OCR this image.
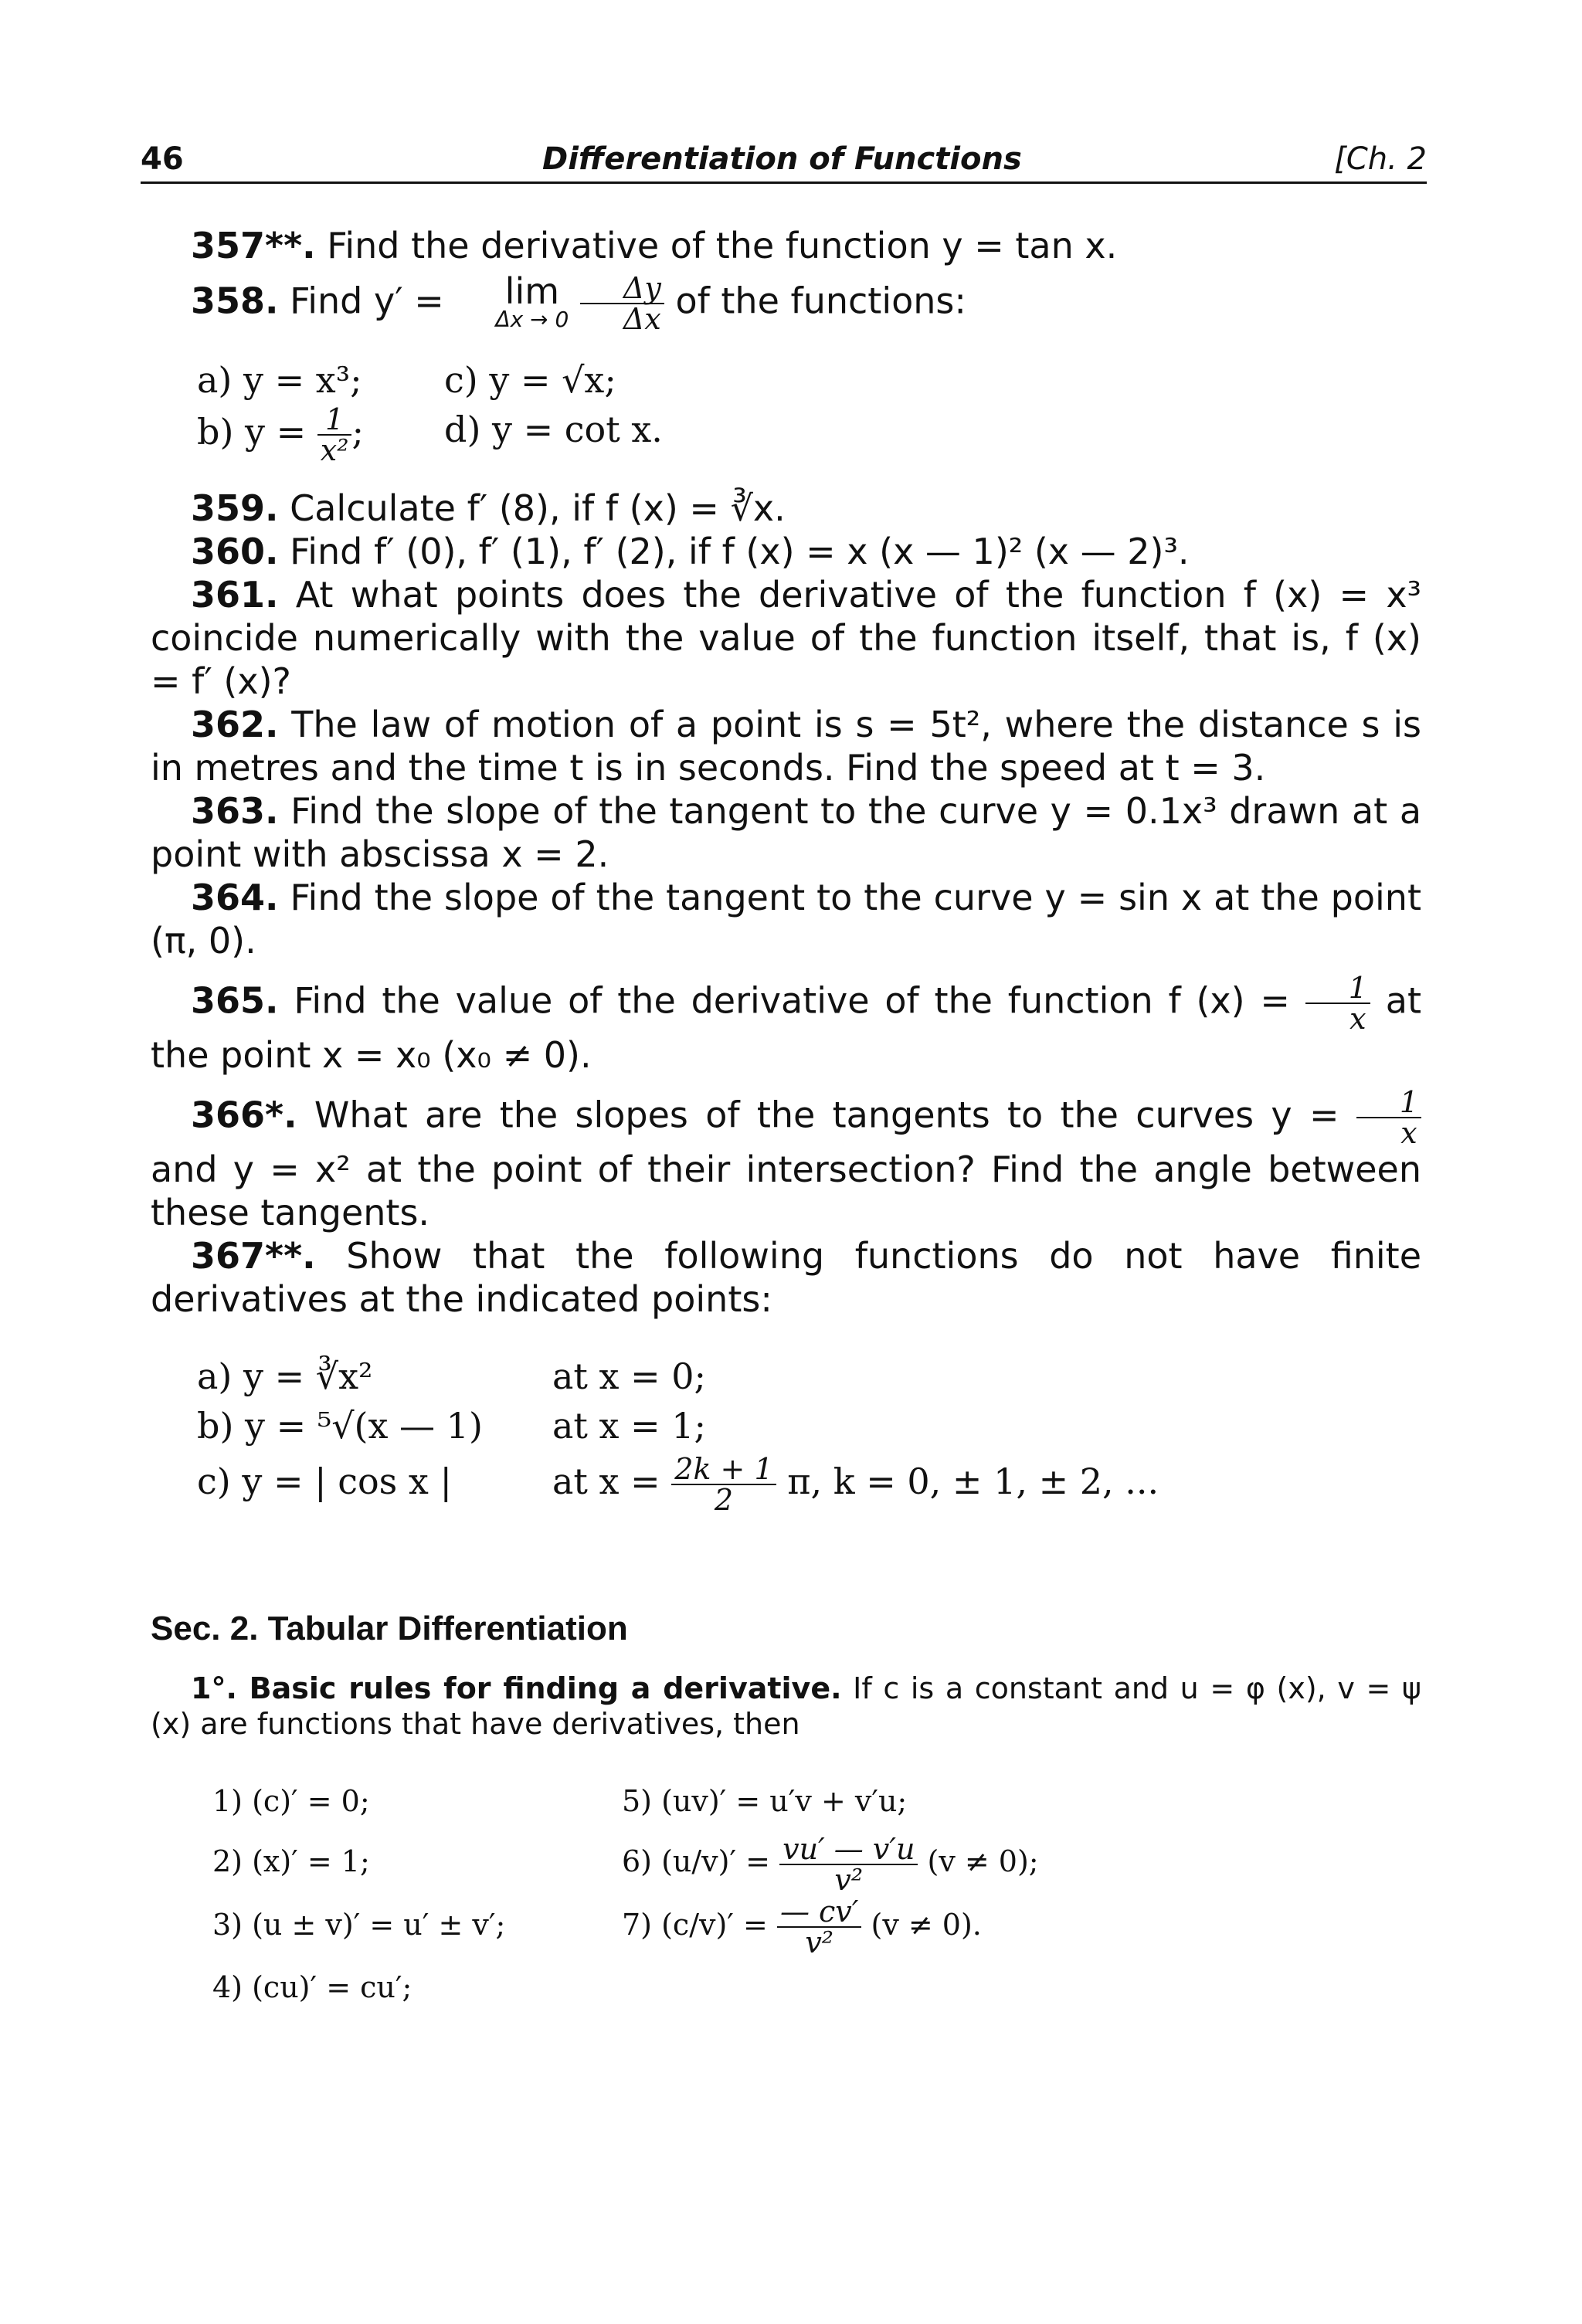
46	Differentiation of Functions	[Ch. 2

357**. Find the derivative of the function y = tan x.

358. Find y′ = lim
Δx → 0
$\frac{\Delta y}{\Delta x}$ of the functions:

a) y = x³;	c) y = √x;
b) $y = \frac{1}{\text{x²}}$ ;	d) y = cot x.

359. Calculate f′ (8), if f (x) = ∛x.

360. Find f′ (0), f′ (1), f′ (2), if f (x) = x (x — 1)² (x — 2)³.

361. At what points does the derivative of the function f (x) = x³ coincide numerically with the value of the function itself, that is, f (x) = f′ (x)?

362. The law of motion of a point is s = 5t², where the distance s is in metres and the time t is in seconds. Find the speed at t = 3.

363. Find the slope of the tangent to the curve y = 0.1x³ drawn at a point with abscissa x = 2.

364. Find the slope of the tangent to the curve y = sin x at the point (π, 0).

365. Find the value of the derivative of the function f $(x) = \frac{1}{x}$ at the point x = x₀ (x₀ ≠ 0).

366*. What are the slopes of the tangents to the curves $y = \frac{1}{x}$
and y = x² at the point of their intersection? Find the angle between these tangents.

367**. Show that the following functions do not have finite derivatives at the indicated points:

a) y = ∛x²	at x = 0;
b) y = ⁵√(x — 1)	at x = 1;
c) y = | cos x |	at $x = \frac{2k + 1}{2} \pi$, k = 0, ± 1, ± 2, ...
Sec. 2. Tabular Differentiation

1°. Basic rules for finding a derivative. If c is a constant and u = φ (x), v = ψ (x) are functions that have derivatives, then

1) (c)′ = 0;	5) (uv)′ = u′v + v′u;
2) (x)′ = 1;	6) $(u/v)' = \frac{vu' — v'u}{\text{v²}} (v \ne 0)$;
3) (u ± v)′ = u′ ± v′;	7) $(c/v)' = \frac{— cv'}{\text{v²}} (v \ne 0)$.
4) (cu)′ = cu′;
